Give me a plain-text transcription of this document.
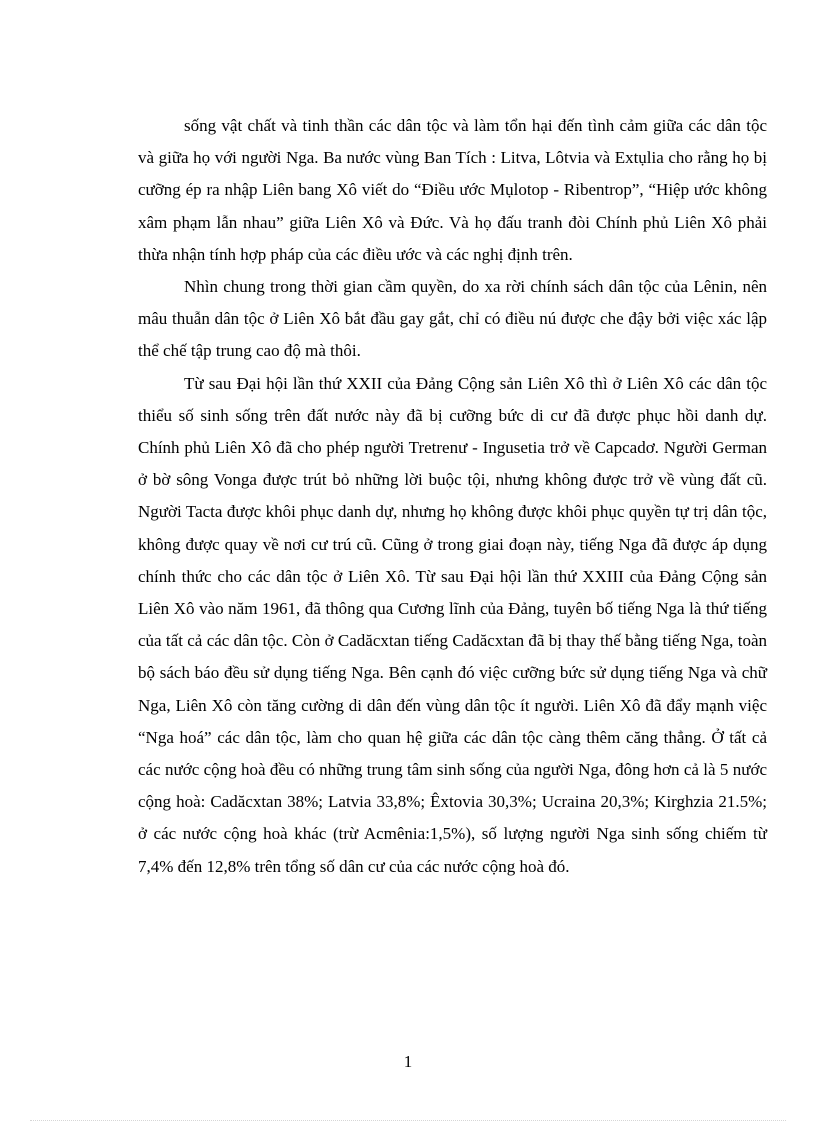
sống vật chất và tinh thần các dân tộc và làm tổn hại đến tình cảm giữa các dân tộc và giữa họ với người Nga. Ba nước vùng Ban Tích : Litva, Lôtvia và Extụlia cho rằng họ bị cưỡng ép ra nhập Liên bang Xô viết do “Điều ước Mụlotop - Ribentrop”, “Hiệp ước không xâm phạm lẫn nhau” giữa Liên Xô và Đức. Và họ đấu tranh đòi Chính phủ Liên Xô phải thừa nhận tính hợp pháp của các điều ước và các nghị định trên.

Nhìn chung trong thời gian cầm quyền, do xa rời chính sách dân tộc của Lênin, nên mâu thuẫn dân tộc ở Liên Xô bắt đầu gay gắt, chỉ có điều nú được che đậy bởi việc xác lập thể chế tập trung cao độ mà thôi.

Từ sau Đại hội lần thứ XXII của Đảng Cộng sản Liên Xô thì ở Liên Xô các dân tộc thiểu số sinh sống trên đất nước này đã bị cưỡng bức di cư đã được phục hồi danh dự. Chính phủ Liên Xô đã cho phép người Tretrenư - Ingusetia trở về Capcadơ. Người German ở bờ sông Vonga được trút bỏ những lời buộc tội, nhưng không được trở về vùng đất cũ. Người Tacta được khôi phục danh dự, nhưng họ không được khôi phục quyền tự trị dân tộc, không được quay về nơi cư trú cũ. Cũng ở trong giai đoạn này, tiếng Nga đã được áp dụng chính thức cho các dân tộc ở Liên Xô. Từ sau Đại hội lần thứ XXIII của Đảng Cộng sản Liên Xô vào năm 1961, đã thông qua Cương lĩnh của Đảng, tuyên bố tiếng Nga là thứ tiếng của tất cả các dân tộc. Còn ở Cadăcxtan tiếng Cadăcxtan đã bị thay thế bằng tiếng Nga, toàn bộ sách báo đều sử dụng tiếng Nga. Bên cạnh đó việc cưỡng bức sử dụng tiếng Nga và chữ Nga, Liên Xô còn tăng cường di dân đến vùng dân tộc ít người. Liên Xô đã đẩy mạnh việc “Nga hoá” các dân tộc, làm cho quan hệ giữa các dân tộc càng thêm căng thẳng. Ở tất cả các nước cộng hoà đều có những trung tâm sinh sống của người Nga, đông hơn cả là 5 nước cộng hoà: Cadăcxtan 38%; Latvia 33,8%; Êxtovia 30,3%; Ucraina 20,3%; Kirghzia 21.5%; ở các nước cộng hoà khác (trừ Acmênia:1,5%), số lượng người Nga sinh sống chiếm từ 7,4% đến 12,8% trên tổng số dân cư của các nước cộng hoà đó.

1
